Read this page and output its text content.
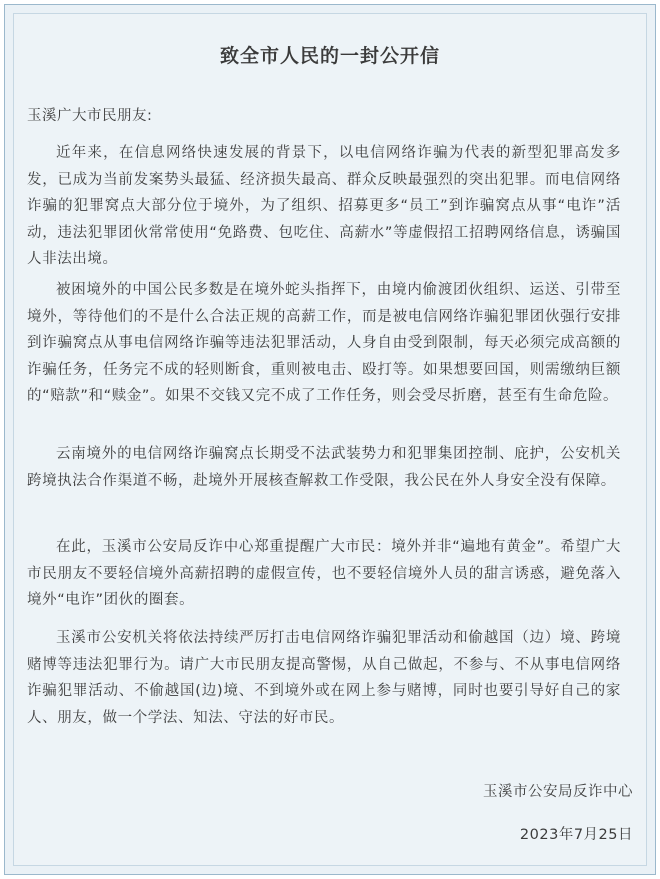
致全市人民的一封公开信

玉溪广大市民朋友:

近年来，在信息网络快速发展的背景下，以电信网络诈骗为代表的新型犯罪高发多发，已成为当前发案势头最猛、经济损失最高、群众反映最强烈的突出犯罪。而电信网络诈骗的犯罪窝点大部分位于境外，为了组织、招募更多“员工”到诈骗窝点从事“电诈”活动，违法犯罪团伙常常使用“免路费、包吃住、高薪水”等虚假招工招聘网络信息，诱骗国人非法出境。

被困境外的中国公民多数是在境外蛇头指挥下，由境内偷渡团伙组织、运送、引带至境外，等待他们的不是什么合法正规的高薪工作，而是被电信网络诈骗犯罪团伙强行安排到诈骗窝点从事电信网络诈骗等违法犯罪活动，人身自由受到限制，每天必须完成高额的诈骗任务，任务完不成的轻则断食，重则被电击、殴打等。如果想要回国，则需缴纳巨额的“赔款”和“赎金”。如果不交钱又完不成了工作任务，则会受尽折磨，甚至有生命危险。

云南境外的电信网络诈骗窝点长期受不法武装势力和犯罪集团控制、庇护，公安机关跨境执法合作渠道不畅，赴境外开展核查解救工作受限，我公民在外人身安全没有保障。

在此，玉溪市公安局反诈中心郑重提醒广大市民：境外并非“遍地有黄金”。希望广大市民朋友不要轻信境外高薪招聘的虚假宣传，也不要轻信境外人员的甜言诱惑，避免落入境外“电诈”团伙的圈套。

玉溪市公安机关将依法持续严厉打击电信网络诈骗犯罪活动和偷越国（边）境、跨境赌博等违法犯罪行为。请广大市民朋友提高警惕，从自己做起，不参与、不从事电信网络诈骗犯罪活动、不偷越国(边)境、不到境外或在网上参与赌博，同时也要引导好自己的家人、朋友，做一个学法、知法、守法的好市民。

玉溪市公安局反诈中心

2023年7月25日
